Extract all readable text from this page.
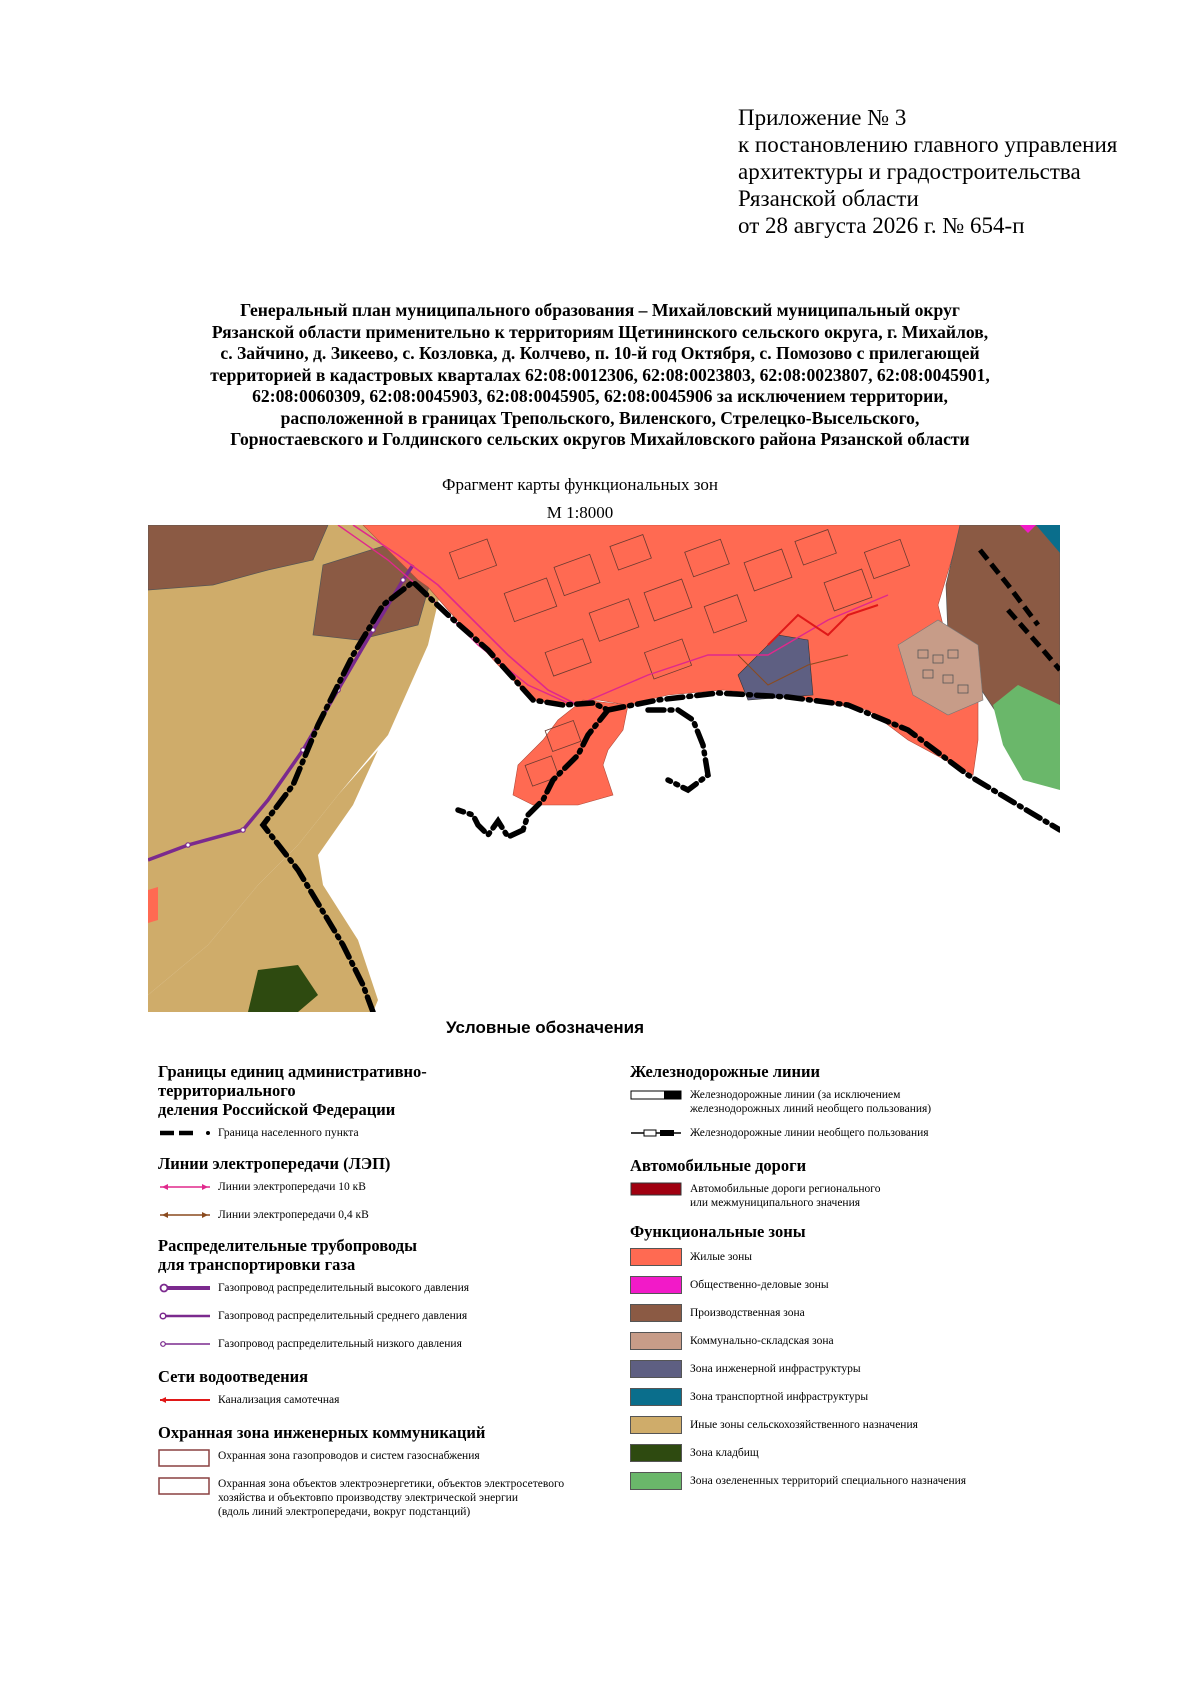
Приложение № 3
к постановлению главного управления
архитектуры и градостроительства
Рязанской области
от 28 августа 2026 г. № 654-п
Генеральный план муниципального образования – Михайловский муниципальный округ
Рязанской области применительно к территориям Щетининского сельского округа, г. Михайлов,
с. Зайчино, д. Зикеево, с. Козловка, д. Колчево, п. 10-й год Октября, с. Помозово с прилегающей
территорией в кадастровых кварталах 62:08:0012306, 62:08:0023803, 62:08:0023807, 62:08:0045901,
62:08:0060309, 62:08:0045903, 62:08:0045905, 62:08:0045906 за исключением территории,
расположенной в границах Трепольского, Виленского, Стрелецко-Высельского,
Горностаевского и Голдинского сельских округов Михайловского района Рязанской области
Фрагмент карты функциональных зон
М 1:8000
Условные обозначения
Границы единиц административно-
территориального
деления Российской Федерации
Граница населенного пункта
Линии электропередачи (ЛЭП)
Линии электропередачи 10 кВ
Линии электропередачи 0,4 кВ
Распределительные трубопроводы
для транспортировки газа
Газопровод распределительный высокого давления
Газопровод распределительный среднего давления
Газопровод распределительный низкого давления
Сети водоотведения
Канализация самотечная
Охранная зона инженерных коммуникаций
Охранная зона газопроводов и систем газоснабжения
Охранная зона объектов электроэнергетики, объектов электросетевого
хозяйства и объектовпо производству электрической энергии
(вдоль линий электропередачи, вокруг подстанций)
Железнодорожные линии
Железнодорожные линии (за исключением
железнодорожных линий необщего пользования)
Железнодорожные линии необщего пользования
Автомобильные дороги
Автомобильные дороги регионального
или межмуниципального значения
Функциональные зоны
Жилые зоны
Общественно-деловые зоны
Производственная зона
Коммунально-складская зона
Зона инженерной инфраструктуры
Зона транспортной инфраструктуры
Иные зоны сельскохозяйственного назначения
Зона кладбищ
Зона озелененных территорий специального назначения
